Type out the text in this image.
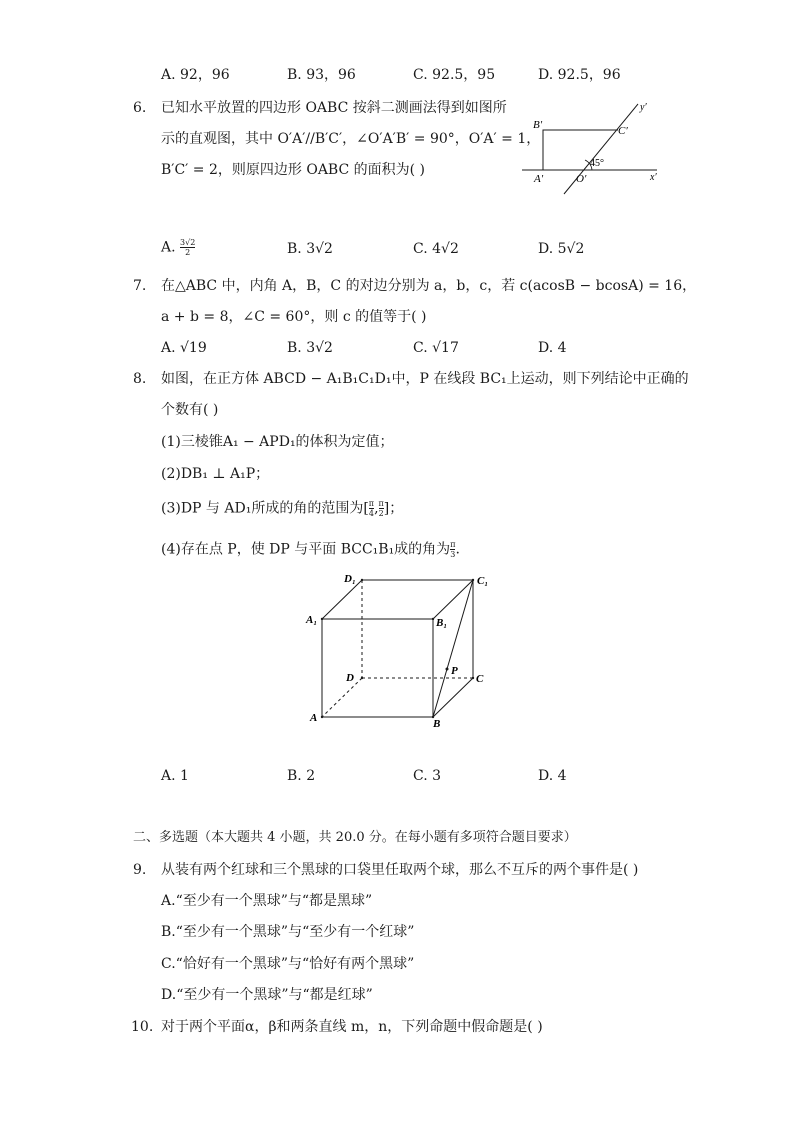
A. 92，96	B. 93，96	C. 92.5，95	D. 92.5，96
6. 已知水平放置的四边形 OABC 按斜二测画法得到如图所
示的直观图，其中 O′A′//B′C′，∠O′A′B′ = 90°，O′A′ = 1，
B′C′ = 2，则原四边形 OABC 的面积为( )
B′	C′
A′	O′	x′
y′
45°
A. $\frac{3√2}{2}$	B. 3√2	C. 4√2	D. 5√2
7. 在△ABC 中，内角 A，B，C 的对边分别为 a，b，c，若 c(acosB − bcosA) = 16，
a + b = 8，∠C = 60°，则 c 的值等于( )
A. √19	B. 3√2	C. √17	D. 4
8. 如图，在正方体 ABCD − A₁B₁C₁D₁中，P 在线段 BC₁上运动，则下列结论中正确的
个数有( )
(1)三棱锥A₁ − APD₁的体积为定值；
(2)DB₁ ⊥ A₁P；
(3)DP 与 AD₁所成的角的范围为[ $\frac{\pi}{4}$ , $\frac{\pi}{2}$ ]；
(4)存在点 P，使 DP 与平面 BCC₁B₁成的角为 $\frac{\pi}{3}$ .
D₁	C₁
A₁	B₁
D	C
A	B
P
A. 1	B. 2	C. 3	D. 4
二、多选题（本大题共 4 小题，共 20.0 分。在每小题有多项符合题目要求）
9. 从装有两个红球和三个黑球的口袋里任取两个球，那么不互斥的两个事件是( )
A.“至少有一个黑球”与“都是黑球”
B.“至少有一个黑球”与“至少有一个红球”
C.“恰好有一个黑球”与“恰好有两个黑球”
D.“至少有一个黑球”与“都是红球”
10. 对于两个平面α，β和两条直线 m，n，下列命题中假命题是( )
